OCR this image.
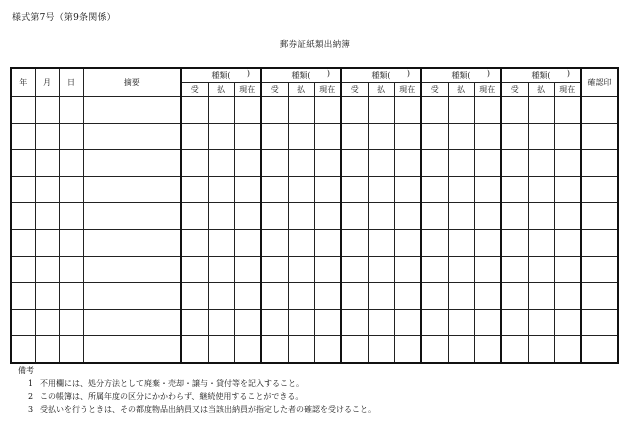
様式第7号（第9条関係）
郵券証紙類出納簿
年	月	日	摘要	種類( )			種類( )			種類( )			種類( )			種類( )			確認印
				受	払	現在	受	払	現在	受	払	現在	受	払	現在	受	払	現在	

備考
1 不用欄には、処分方法として廃棄・売却・譲与・貸付等を記入すること。
2 この帳簿は、所属年度の区分にかかわらず、継続使用することができる。
3 受払いを行うときは、その都度物品出納員又は当該出納員が指定した者の確認を受けること。
